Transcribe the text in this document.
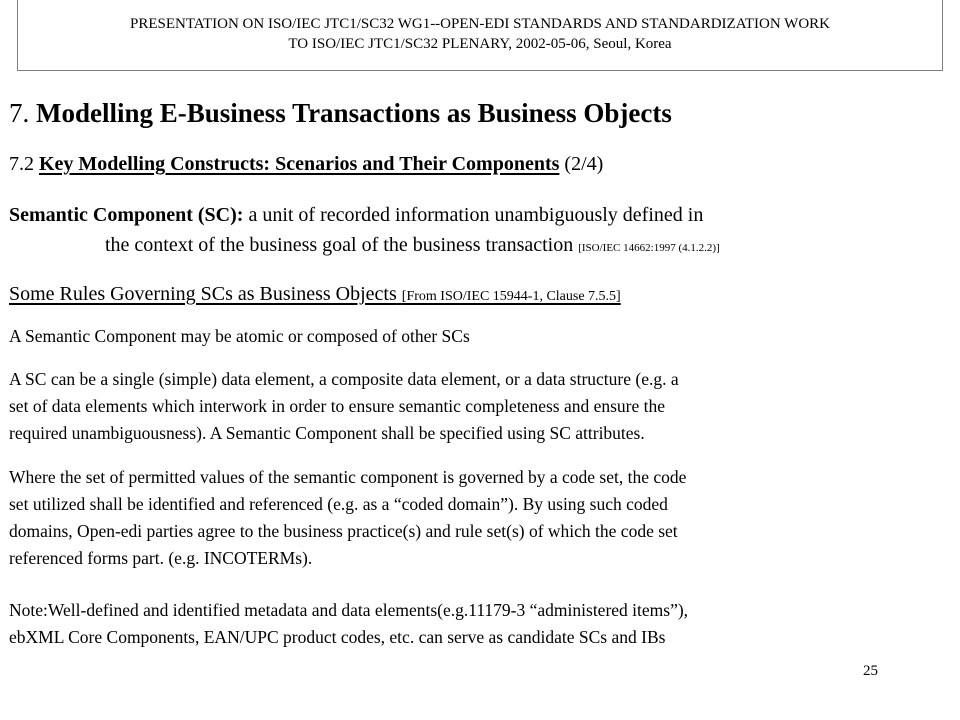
PRESENTATION ON ISO/IEC JTC1/SC32 WG1--OPEN-EDI STANDARDS AND STANDARDIZATION WORK
TO ISO/IEC JTC1/SC32 PLENARY, 2002-05-06, Seoul, Korea
7. Modelling E-Business Transactions as Business Objects
7.2 Key Modelling Constructs: Scenarios and Their Components (2/4)
Semantic Component (SC): a unit of recorded information unambiguously defined in
the context of the business goal of the business transaction [ISO/IEC 14662:1997 (4.1.2.2)]
Some Rules Governing SCs as Business Objects [From ISO/IEC 15944-1, Clause 7.5.5]
A Semantic Component may be atomic or composed of other SCs
A SC can be a single (simple) data element, a composite data element, or a data structure (e.g. a
set of data elements which interwork in order to ensure semantic completeness and ensure the
required unambiguousness). A Semantic Component shall be specified using SC attributes.
Where the set of permitted values of the semantic component is governed by a code set, the code
set utilized shall be identified and referenced (e.g. as a “coded domain”). By using such coded
domains, Open-edi parties agree to the business practice(s) and rule set(s) of which the code set
referenced forms part. (e.g. INCOTERMs).
Note:Well-defined and identified metadata and data elements(e.g.11179-3 “administered items”),
ebXML Core Components, EAN/UPC product codes, etc. can serve as candidate SCs and IBs
25
